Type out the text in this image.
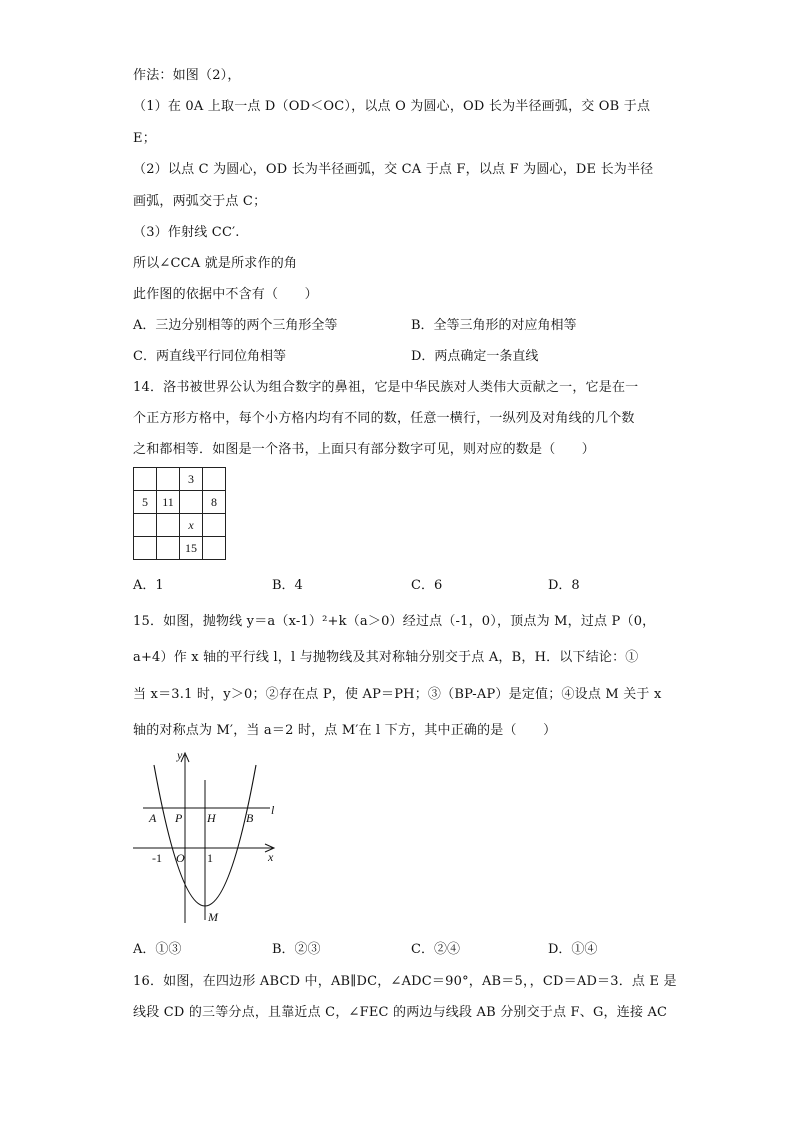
作法：如图（2），
（1）在 0A 上取一点 D（OD＜OC），以点 O 为圆心，OD 长为半径画弧，交 OB 于点
E；
（2）以点 C 为圆心，OD 长为半径画弧，交 CA 于点 F，以点 F 为圆心，DE 长为半径
画弧，两弧交于点 C；
（3）作射线 CC′.
所以∠CCA 就是所求作的角
此作图的依据中不含有（　　）
A．三边分别相等的两个三角形全等	B．全等三角形的对应角相等
C．两直线平行同位角相等	D．两点确定一条直线
14．洛书被世界公认为组合数字的鼻祖，它是中华民族对人类伟大贡献之一，它是在一
个正方形方格中，每个小方格内均有不同的数，任意一横行，一纵列及对角线的几个数
之和都相等．如图是一个洛书，上面只有部分数字可见，则对应的数是（　　）
		3	
5	11		8
		x	
		15	
A．1	B．4	C．6	D．8
15．如图，抛物线 y＝a（x-1）²+k（a＞0）经过点（-1，0），顶点为 M，过点 P（0，
a+4）作 x 轴的平行线 l，l 与抛物线及其对称轴分别交于点 A，B，H．以下结论：①
当 x＝3.1 时，y＞0；②存在点 P，使 AP＝PH；③（BP-AP）是定值；④设点 M 关于 x
轴的对称点为 M′，当 a＝2 时，点 M′在 l 下方，其中正确的是（　　）
y
x
l
A P H	B
-1 O 1
M
A．①③	B．②③	C．②④	D．①④
16．如图，在四边形 ABCD 中，AB∥DC，∠ADC＝90°，AB＝5，，CD＝AD＝3．点 E 是
线段 CD 的三等分点，且靠近点 C，∠FEC 的两边与线段 AB 分别交于点 F、G，连接 AC
